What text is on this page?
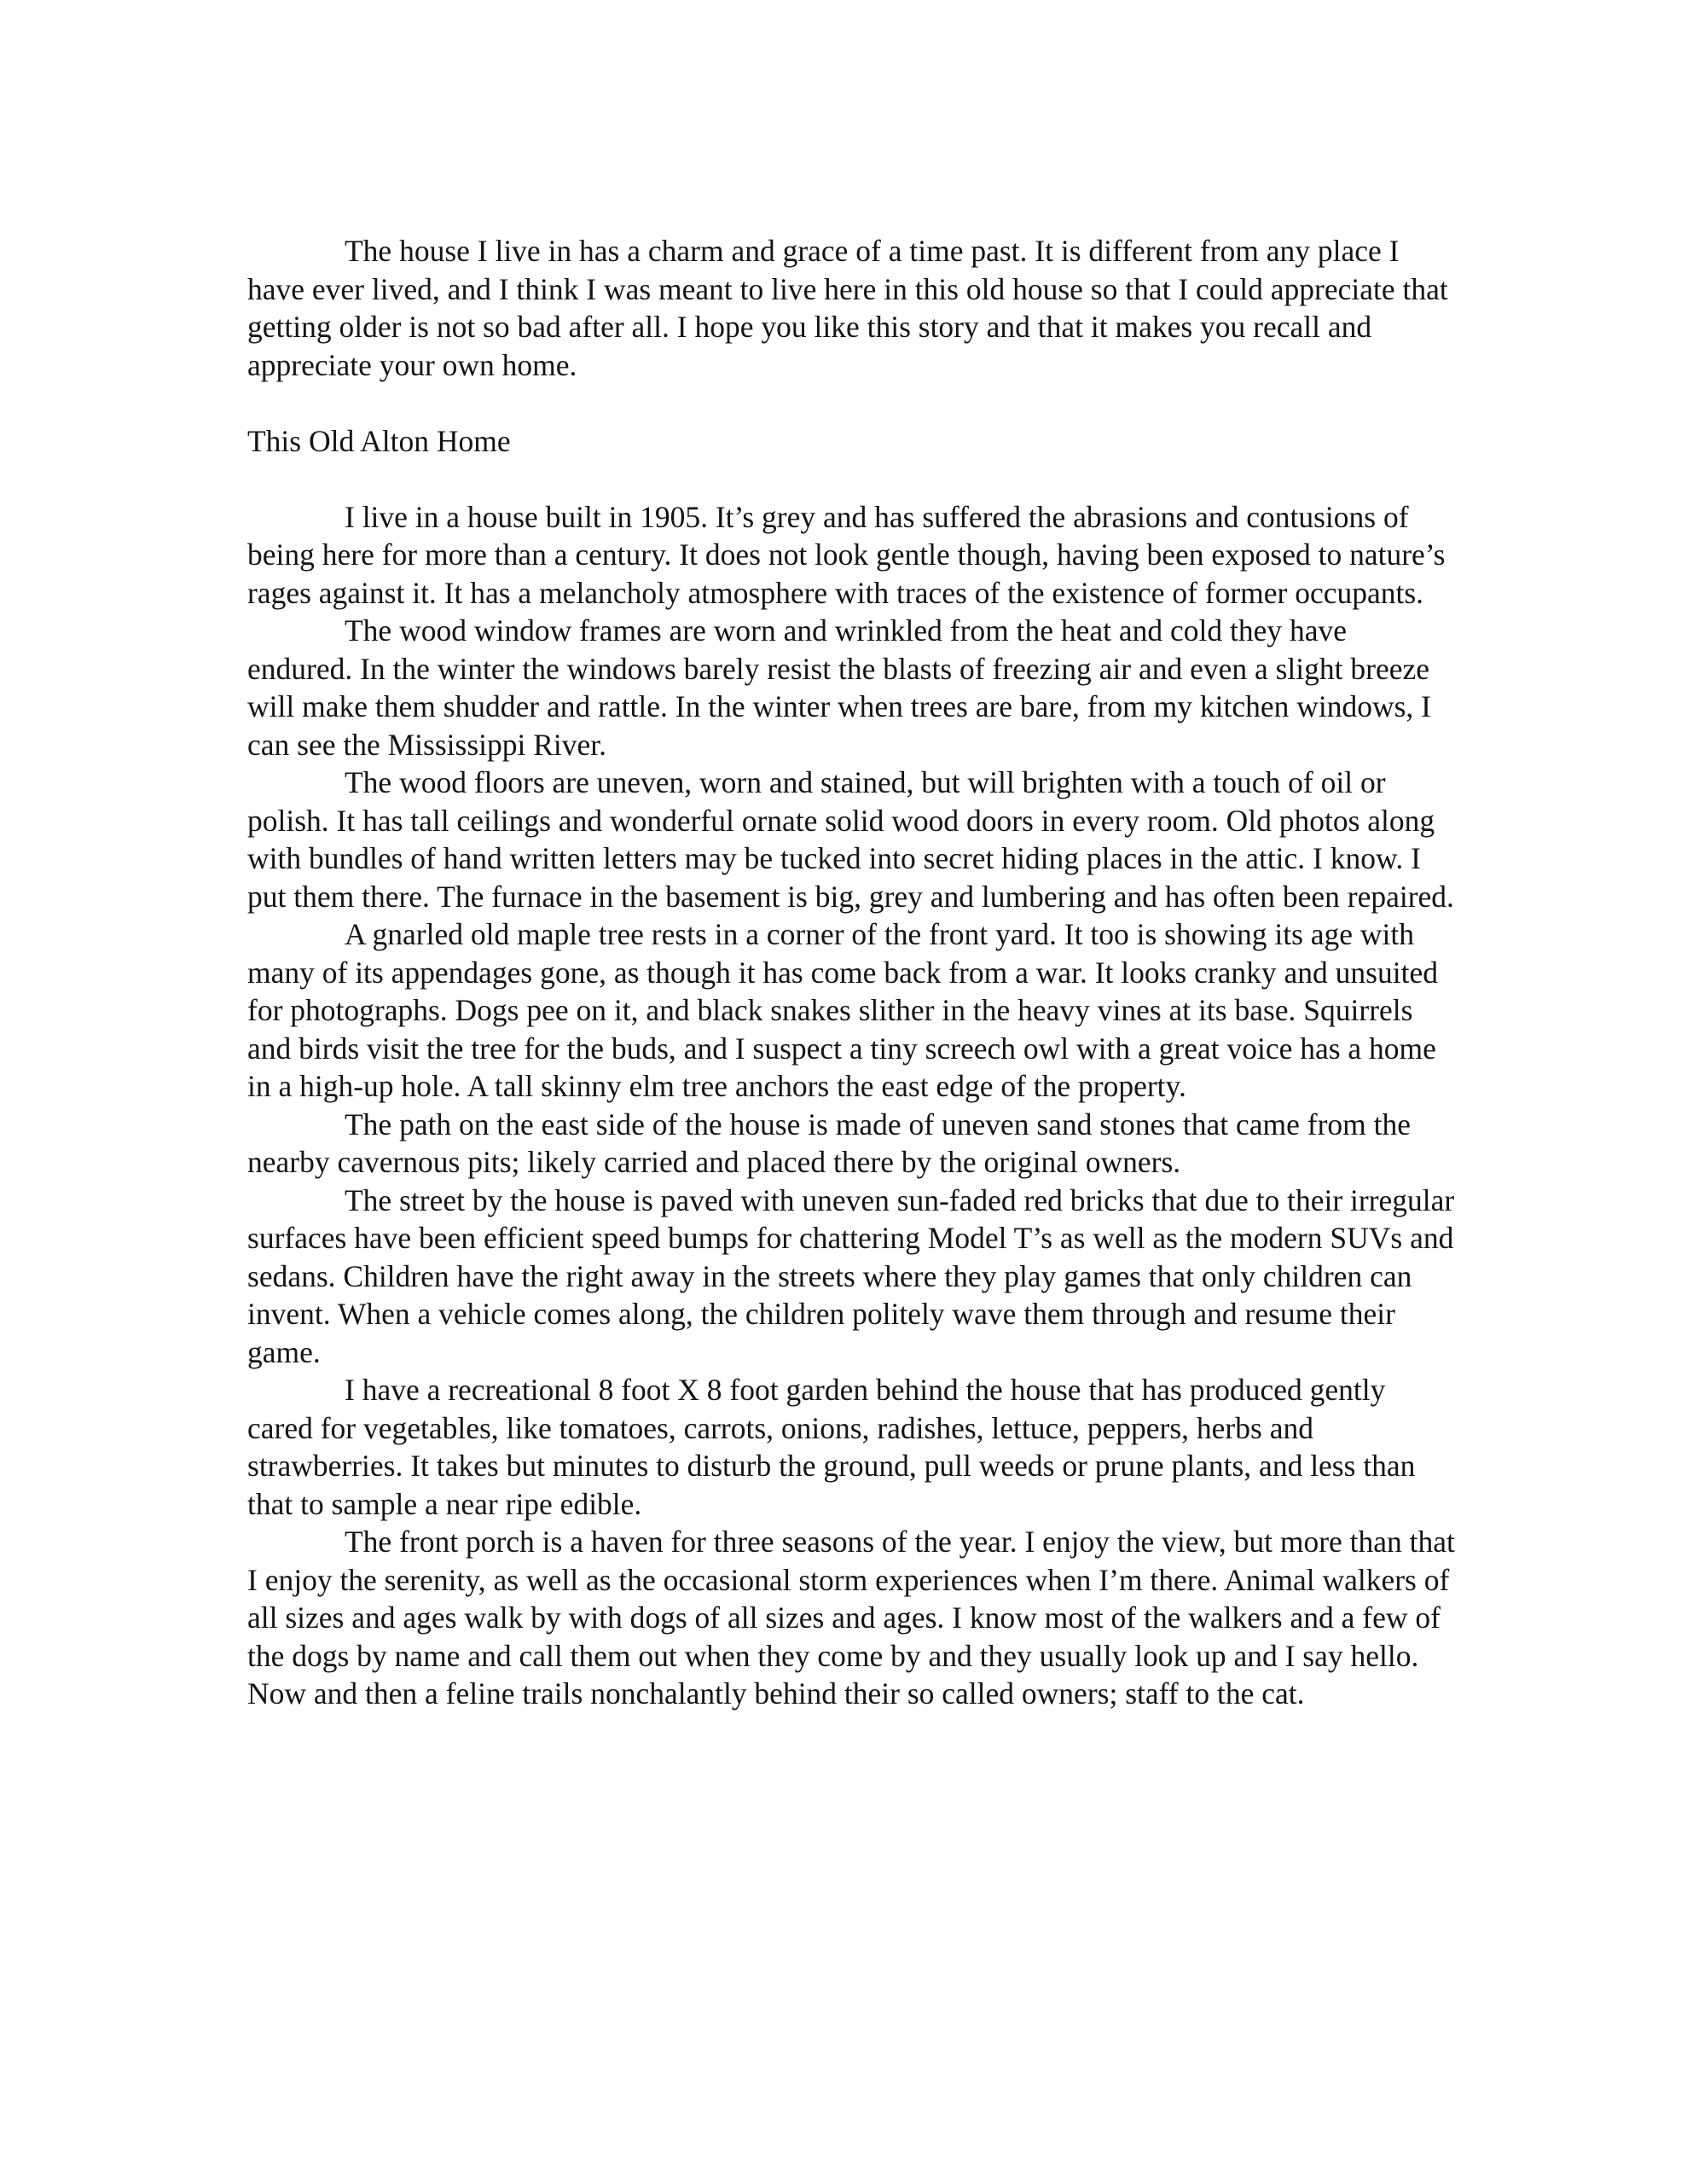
The house I live in has a charm and grace of a time past. It is different from any place I have ever lived, and I think I was meant to live here in this old house so that I could appreciate that getting older is not so bad after all. I hope you like this story and that it makes you recall and appreciate your own home.

This Old Alton Home

I live in a house built in 1905. It’s grey and has suffered the abrasions and contusions of being here for more than a century. It does not look gentle though, having been exposed to nature’s rages against it. It has a melancholy atmosphere with traces of the existence of former occupants.

The wood window frames are worn and wrinkled from the heat and cold they have endured. In the winter the windows barely resist the blasts of freezing air and even a slight breeze will make them shudder and rattle. In the winter when trees are bare, from my kitchen windows, I can see the Mississippi River.

The wood floors are uneven, worn and stained, but will brighten with a touch of oil or polish. It has tall ceilings and wonderful ornate solid wood doors in every room. Old photos along with bundles of hand written letters may be tucked into secret hiding places in the attic. I know. I put them there. The furnace in the basement is big, grey and lumbering and has often been repaired.

A gnarled old maple tree rests in a corner of the front yard. It too is showing its age with many of its appendages gone, as though it has come back from a war. It looks cranky and unsuited for photographs. Dogs pee on it, and black snakes slither in the heavy vines at its base. Squirrels and birds visit the tree for the buds, and I suspect a tiny screech owl with a great voice has a home in a high-up hole. A tall skinny elm tree anchors the east edge of the property.

The path on the east side of the house is made of uneven sand stones that came from the nearby cavernous pits; likely carried and placed there by the original owners.

The street by the house is paved with uneven sun-faded red bricks that due to their irregular surfaces have been efficient speed bumps for chattering Model T’s as well as the modern SUVs and sedans. Children have the right away in the streets where they play games that only children can invent. When a vehicle comes along, the children politely wave them through and resume their game.

I have a recreational 8 foot X 8 foot garden behind the house that has produced gently cared for vegetables, like tomatoes, carrots, onions, radishes, lettuce, peppers, herbs and strawberries. It takes but minutes to disturb the ground, pull weeds or prune plants, and less than that to sample a near ripe edible.

The front porch is a haven for three seasons of the year. I enjoy the view, but more than that I enjoy the serenity, as well as the occasional storm experiences when I’m there. Animal walkers of all sizes and ages walk by with dogs of all sizes and ages. I know most of the walkers and a few of the dogs by name and call them out when they come by and they usually look up and I say hello. Now and then a feline trails nonchalantly behind their so called owners; staff to the cat.
